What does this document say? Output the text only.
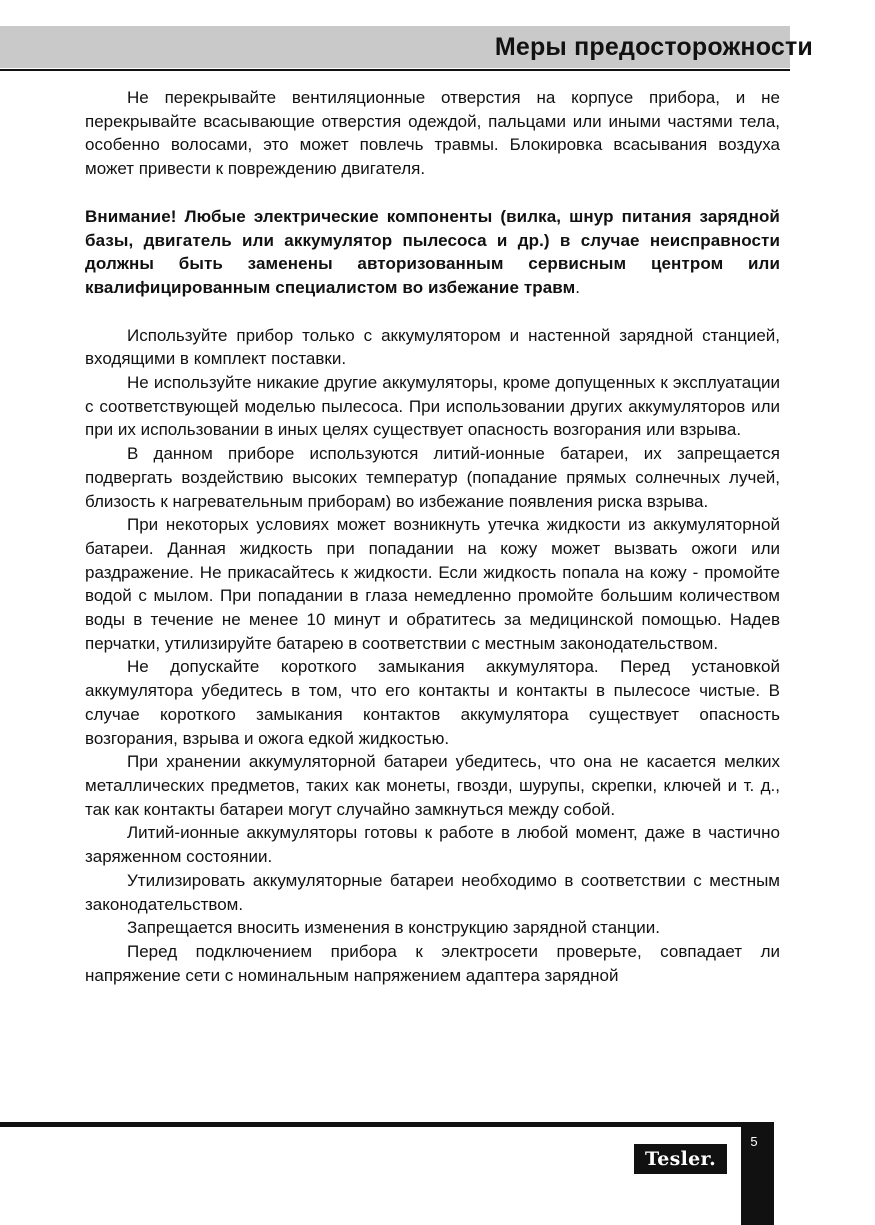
Меры предосторожности

Не перекрывайте вентиляционные отверстия на корпусе прибора, и не перекрывайте всасывающие отверстия одеждой, пальцами или иными частями тела, особенно волосами, это может повлечь травмы. Блокировка всасывания воздуха может привести к повреждению двигателя.

Внимание! Любые электрические компоненты (вилка, шнур питания зарядной базы, двигатель или аккумулятор пылесоса и др.) в случае неисправности должны быть заменены авторизованным сервисным центром или квалифицированным специалистом во избежание травм.

Используйте прибор только с аккумулятором и настенной зарядной станцией, входящими в комплект поставки.

Не используйте никакие другие аккумуляторы, кроме допущенных к эксплуатации с соответствующей моделью пылесоса. При использовании других аккумуляторов или при их использовании в иных целях существует опасность возгорания или взрыва.

В данном приборе используются литий-ионные батареи, их запрещается подвергать воздействию высоких температур (попадание прямых солнечных лучей, близость к нагревательным приборам) во избежание появления риска взрыва.

При некоторых условиях может возникнуть утечка жидкости из аккумуляторной батареи. Данная жидкость при попадании на кожу может вызвать ожоги или раздражение. Не прикасайтесь к жидкости. Если жидкость попала на кожу - промойте водой с мылом. При попадании в глаза немедленно промойте большим количеством воды в течение не менее 10 минут и обратитесь за медицинской помощью. Надев перчатки, утилизируйте батарею в соответствии с местным законодательством.

Не допускайте короткого замыкания аккумулятора. Перед установкой аккумулятора убедитесь в том, что его контакты и контакты в пылесосе чистые. В случае короткого замыкания контактов аккумулятора существует опасность возгорания, взрыва и ожога едкой жидкостью.

При хранении аккумуляторной батареи убедитесь, что она не касается мелких металлических предметов, таких как монеты, гвозди, шурупы, скрепки, ключей и т. д., так как контакты батареи могут случайно замкнуться между собой.

Литий-ионные аккумуляторы готовы к работе в любой момент, даже в частично заряженном состоянии.

Утилизировать аккумуляторные батареи необходимо в соответствии с местным законодательством.

Запрещается вносить изменения в конструкцию зарядной станции.

Перед подключением прибора к электросети проверьте, совпадает ли напряжение сети с номинальным напряжением адаптера зарядной

5
Tesler.
